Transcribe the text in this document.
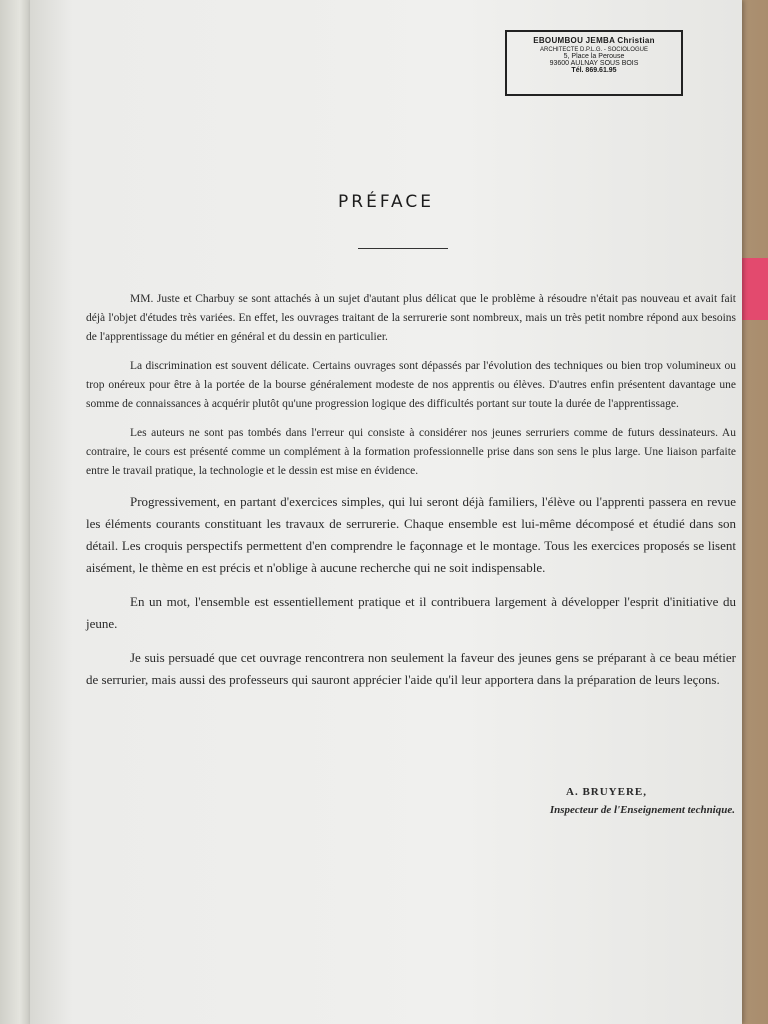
EBOUMBOU JEMBA Christian
ARCHITECTE D.P.L.G. - SOCIOLOGUE
5, Place la Perouse
93600 AULNAY SOUS BOIS
Tél. 869.61.95
PRÉFACE

MM. Juste et Charbuy se sont attachés à un sujet d'autant plus délicat que le problème à résoudre n'était pas nouveau et avait fait déjà l'objet d'études très variées. En effet, les ouvrages traitant de la serrurerie sont nombreux, mais un très petit nombre répond aux besoins de l'apprentissage du métier en général et du dessin en particulier.

La discrimination est souvent délicate. Certains ouvrages sont dépassés par l'évolution des techniques ou bien trop volumineux ou trop onéreux pour être à la portée de la bourse généralement modeste de nos apprentis ou élèves. D'autres enfin présentent davantage une somme de connaissances à acquérir plutôt qu'une progression logique des difficultés portant sur toute la durée de l'apprentissage.

Les auteurs ne sont pas tombés dans l'erreur qui consiste à considérer nos jeunes serruriers comme de futurs dessinateurs. Au contraire, le cours est présenté comme un complément à la formation professionnelle prise dans son sens le plus large. Une liaison parfaite entre le travail pratique, la technologie et le dessin est mise en évidence.

Progressivement, en partant d'exercices simples, qui lui seront déjà familiers, l'élève ou l'apprenti passera en revue les éléments courants constituant les travaux de serrurerie. Chaque ensemble est lui-même décomposé et étudié dans son détail. Les croquis perspectifs permettent d'en comprendre le façonnage et le montage. Tous les exercices proposés se lisent aisément, le thème en est précis et n'oblige à aucune recherche qui ne soit indispensable.

En un mot, l'ensemble est essentiellement pratique et il contribuera largement à développer l'esprit d'initiative du jeune.

Je suis persuadé que cet ouvrage rencontrera non seulement la faveur des jeunes gens se préparant à ce beau métier de serrurier, mais aussi des professeurs qui sauront apprécier l'aide qu'il leur apportera dans la préparation de leurs leçons.

A. BRUYERE,
Inspecteur de l'Enseignement technique.
